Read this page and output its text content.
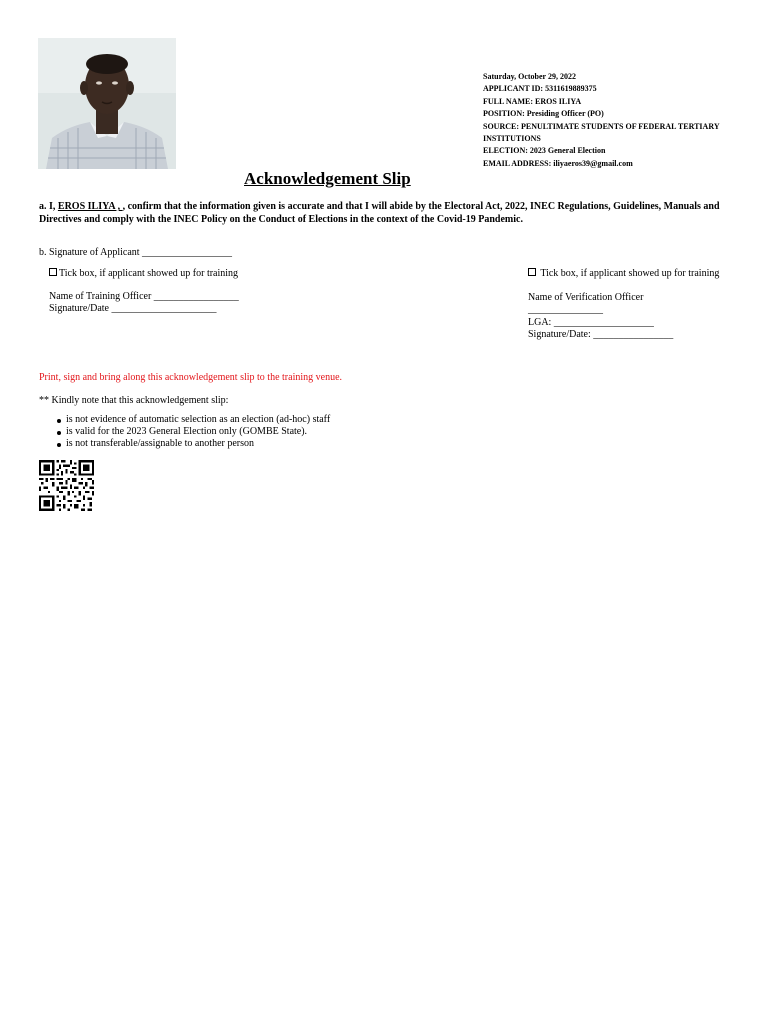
Saturday, October 29, 2022
APPLICANT ID: 5311619889375
FULL NAME: EROS ILIYA
POSITION: Presiding Officer (PO)
SOURCE: PENULTIMATE STUDENTS OF FEDERAL TERTIARY INSTITUTIONS
ELECTION: 2023 General Election
EMAIL ADDRESS: iliyaeros39@gmail.com
Acknowledgement Slip
a. I, EROS ILIYA , , confirm that the information given is accurate and that I will abide by the Electoral Act, 2022, INEC Regulations, Guidelines, Manuals and Directives and comply with the INEC Policy on the Conduct of Elections in the context of the Covid-19 Pandemic.
b. Signature of Applicant __________________
Tick box, if applicant showed up for training
Name of Training Officer _________________
Signature/Date _____________________
Tick box, if applicant showed up for training
Name of Verification Officer
_______________
LGA: ____________________
Signature/Date: ________________
Print, sign and bring along this acknowledgement slip to the training venue.
** Kindly note that this acknowledgement slip:
is not evidence of automatic selection as an election (ad-hoc) staff
is valid for the 2023 General Election only (GOMBE State).
is not transferable/assignable to another person
